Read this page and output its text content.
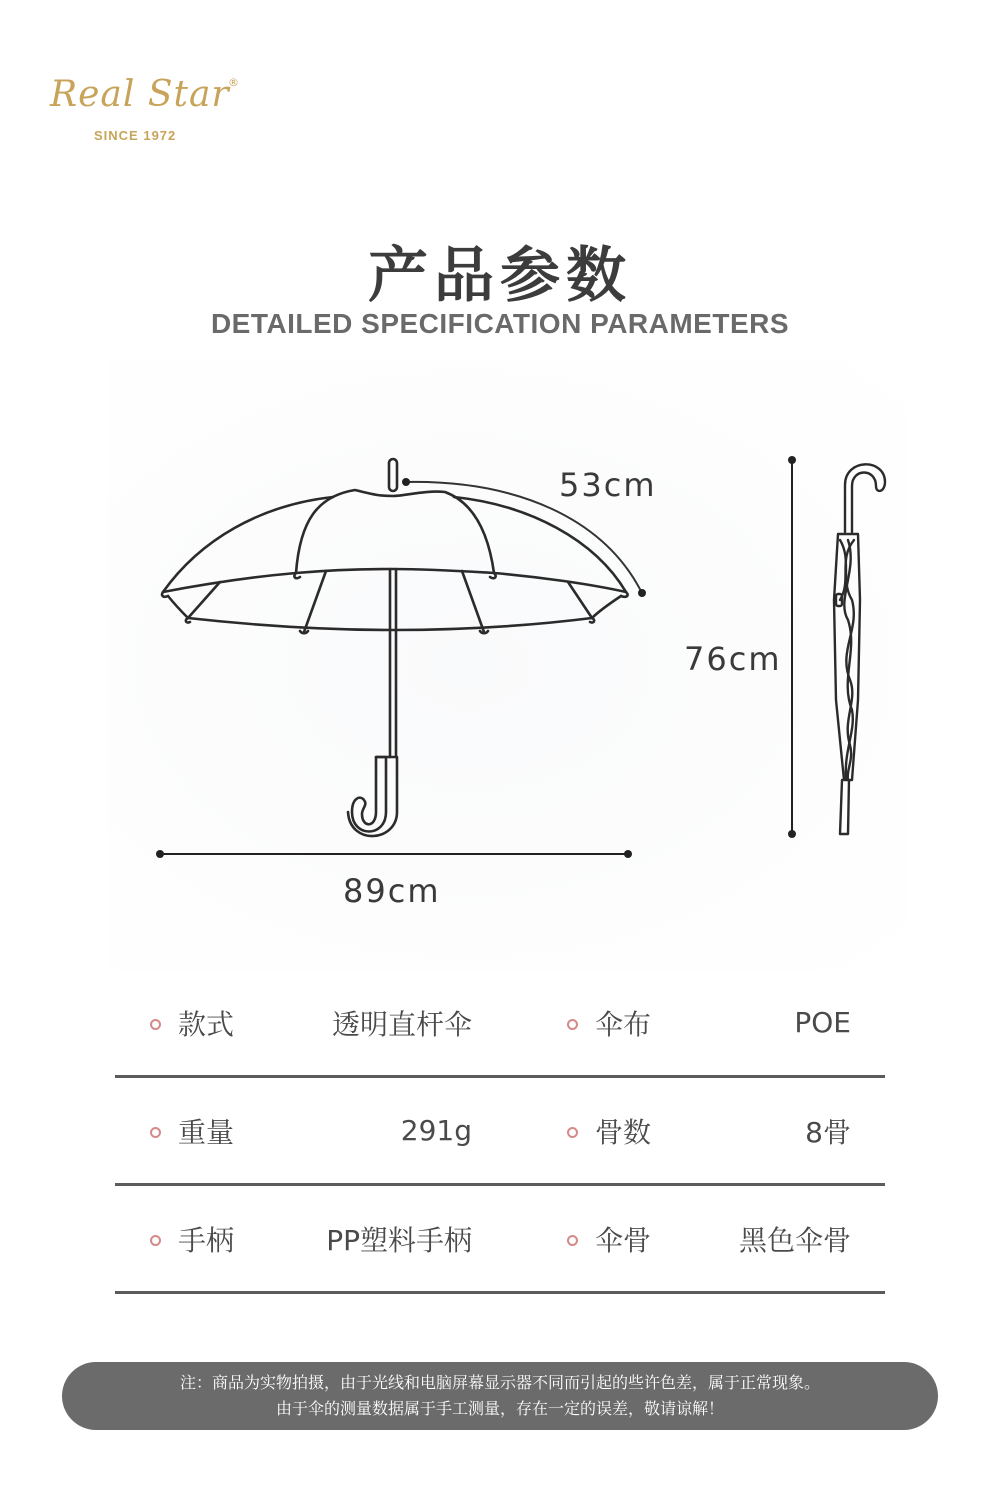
Real Star
®
SINCE 1972
产品参数
DETAILED SPECIFICATION PARAMETERS
53cm
76cm
89cm
款式	透明直杆伞	伞布	POE
重量	291g	骨数	8骨
手柄	PP塑料手柄	伞骨	黑色伞骨
注：商品为实物拍摄，由于光线和电脑屏幕显示器不同而引起的些许色差，属于正常现象。
由于伞的测量数据属于手工测量，存在一定的误差，敬请谅解！
